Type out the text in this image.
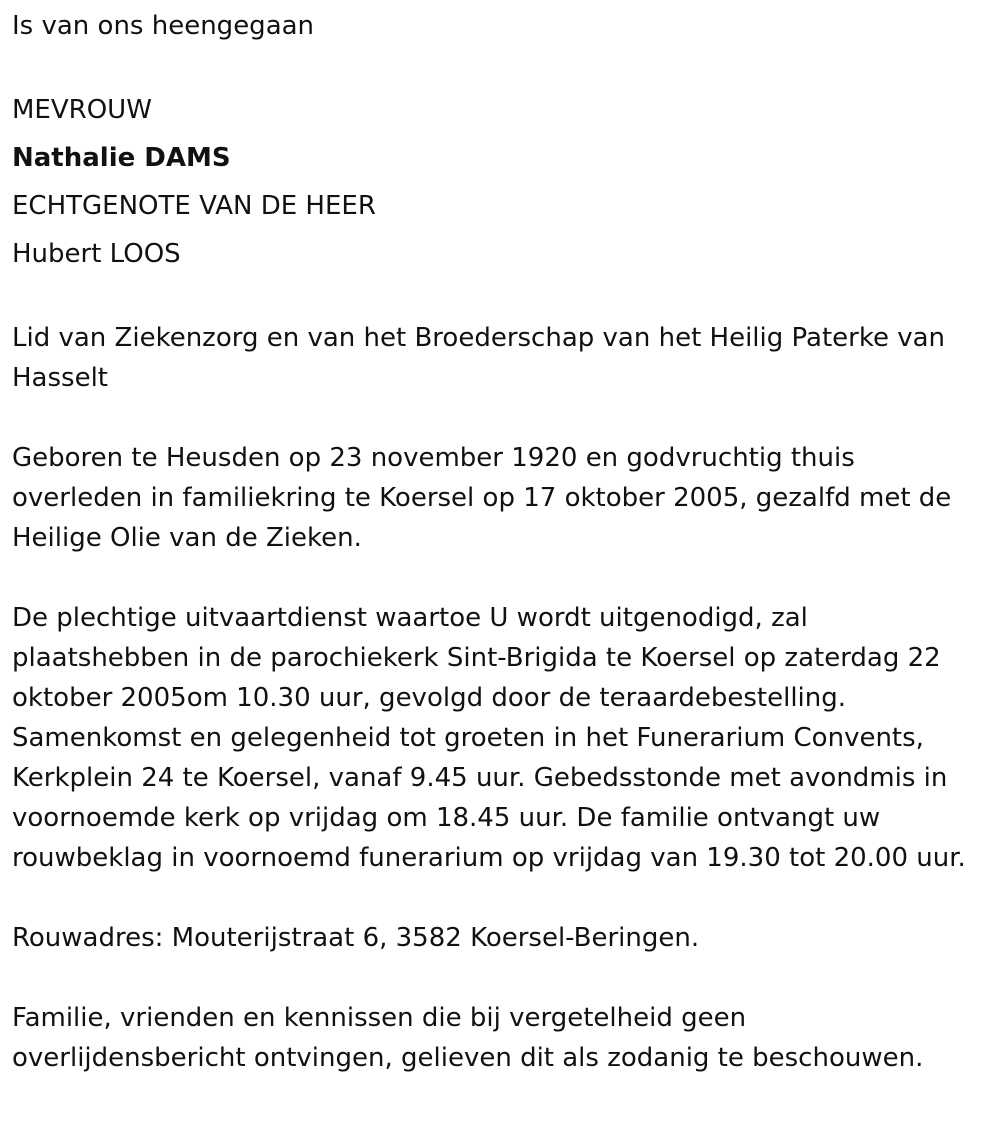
Is van ons heengegaan

MEVROUW

Nathalie DAMS

ECHTGENOTE VAN DE HEER

Hubert LOOS

Lid van Ziekenzorg en van het Broederschap van het Heilig Paterke van Hasselt

Geboren te Heusden op 23 november 1920 en godvruchtig thuis overleden in familiekring te Koersel op 17 oktober 2005, gezalfd met de Heilige Olie van de Zieken.

De plechtige uitvaartdienst waartoe U wordt uitgenodigd, zal plaatshebben in de parochiekerk Sint-Brigida te Koersel op zaterdag 22 oktober 2005om 10.30 uur, gevolgd door de teraardebestelling. Samenkomst en gelegenheid tot groeten in het Funerarium Convents, Kerkplein 24 te Koersel, vanaf 9.45 uur. Gebedsstonde met avondmis in voornoemde kerk op vrijdag om 18.45 uur. De familie ontvangt uw rouwbeklag in voornoemd funerarium op vrijdag van 19.30 tot 20.00 uur.

Rouwadres: Mouterijstraat 6, 3582 Koersel-Beringen.

Familie, vrienden en kennissen die bij vergetelheid geen overlijdensbericht ontvingen, gelieven dit als zodanig te beschouwen.
